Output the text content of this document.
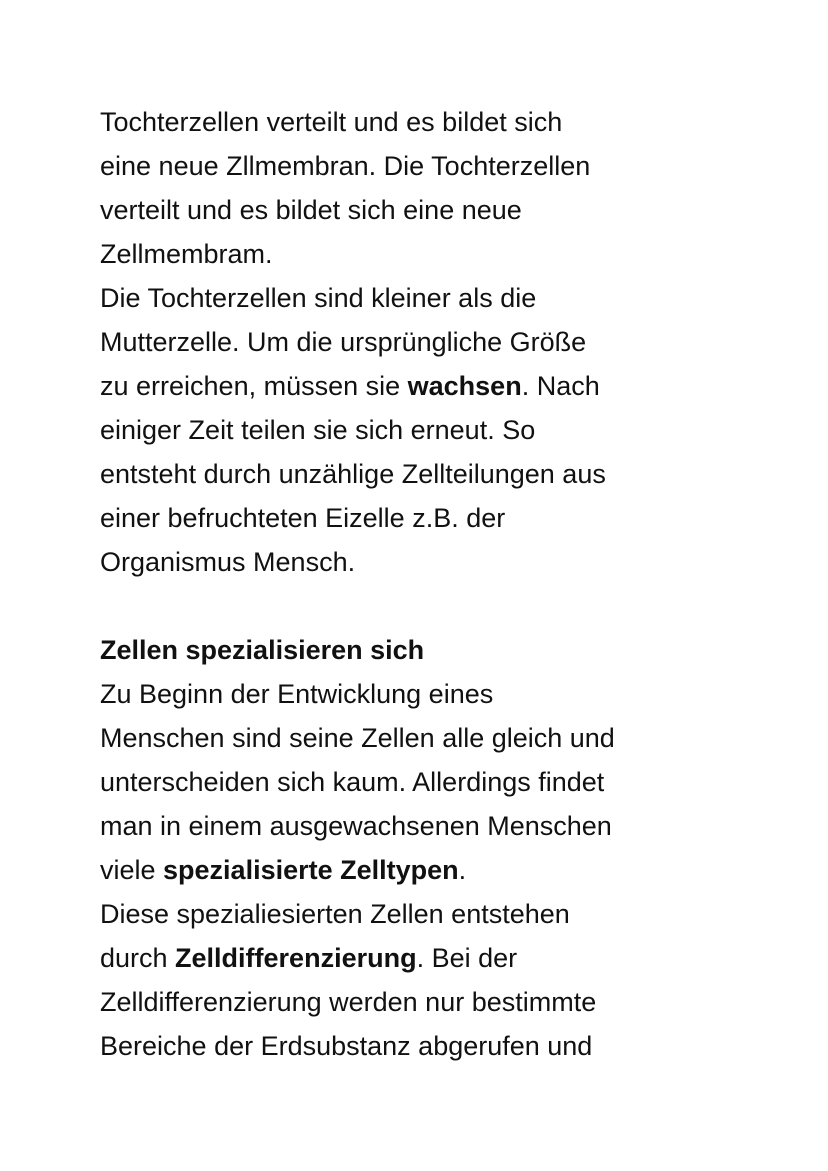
Tochterzellen verteilt und es bildet sich
eine neue Zllmembran. Die Tochterzellen
verteilt und es bildet sich eine neue
Zellmembram.
Die Tochterzellen sind kleiner als die
Mutterzelle. Um die ursprüngliche Größe
zu erreichen, müssen sie wachsen. Nach
einiger Zeit teilen sie sich erneut. So
entsteht durch unzählige Zellteilungen aus
einer befruchteten Eizelle z.B. der
Organismus Mensch.
Zellen spezialisieren sich
Zu Beginn der Entwicklung eines
Menschen sind seine Zellen alle gleich und
unterscheiden sich kaum. Allerdings findet
man in einem ausgewachsenen Menschen
viele spezialisierte Zelltypen.
Diese spezialiesierten Zellen entstehen
durch Zelldifferenzierung. Bei der
Zelldifferenzierung werden nur bestimmte
Bereiche der Erdsubstanz abgerufen und
